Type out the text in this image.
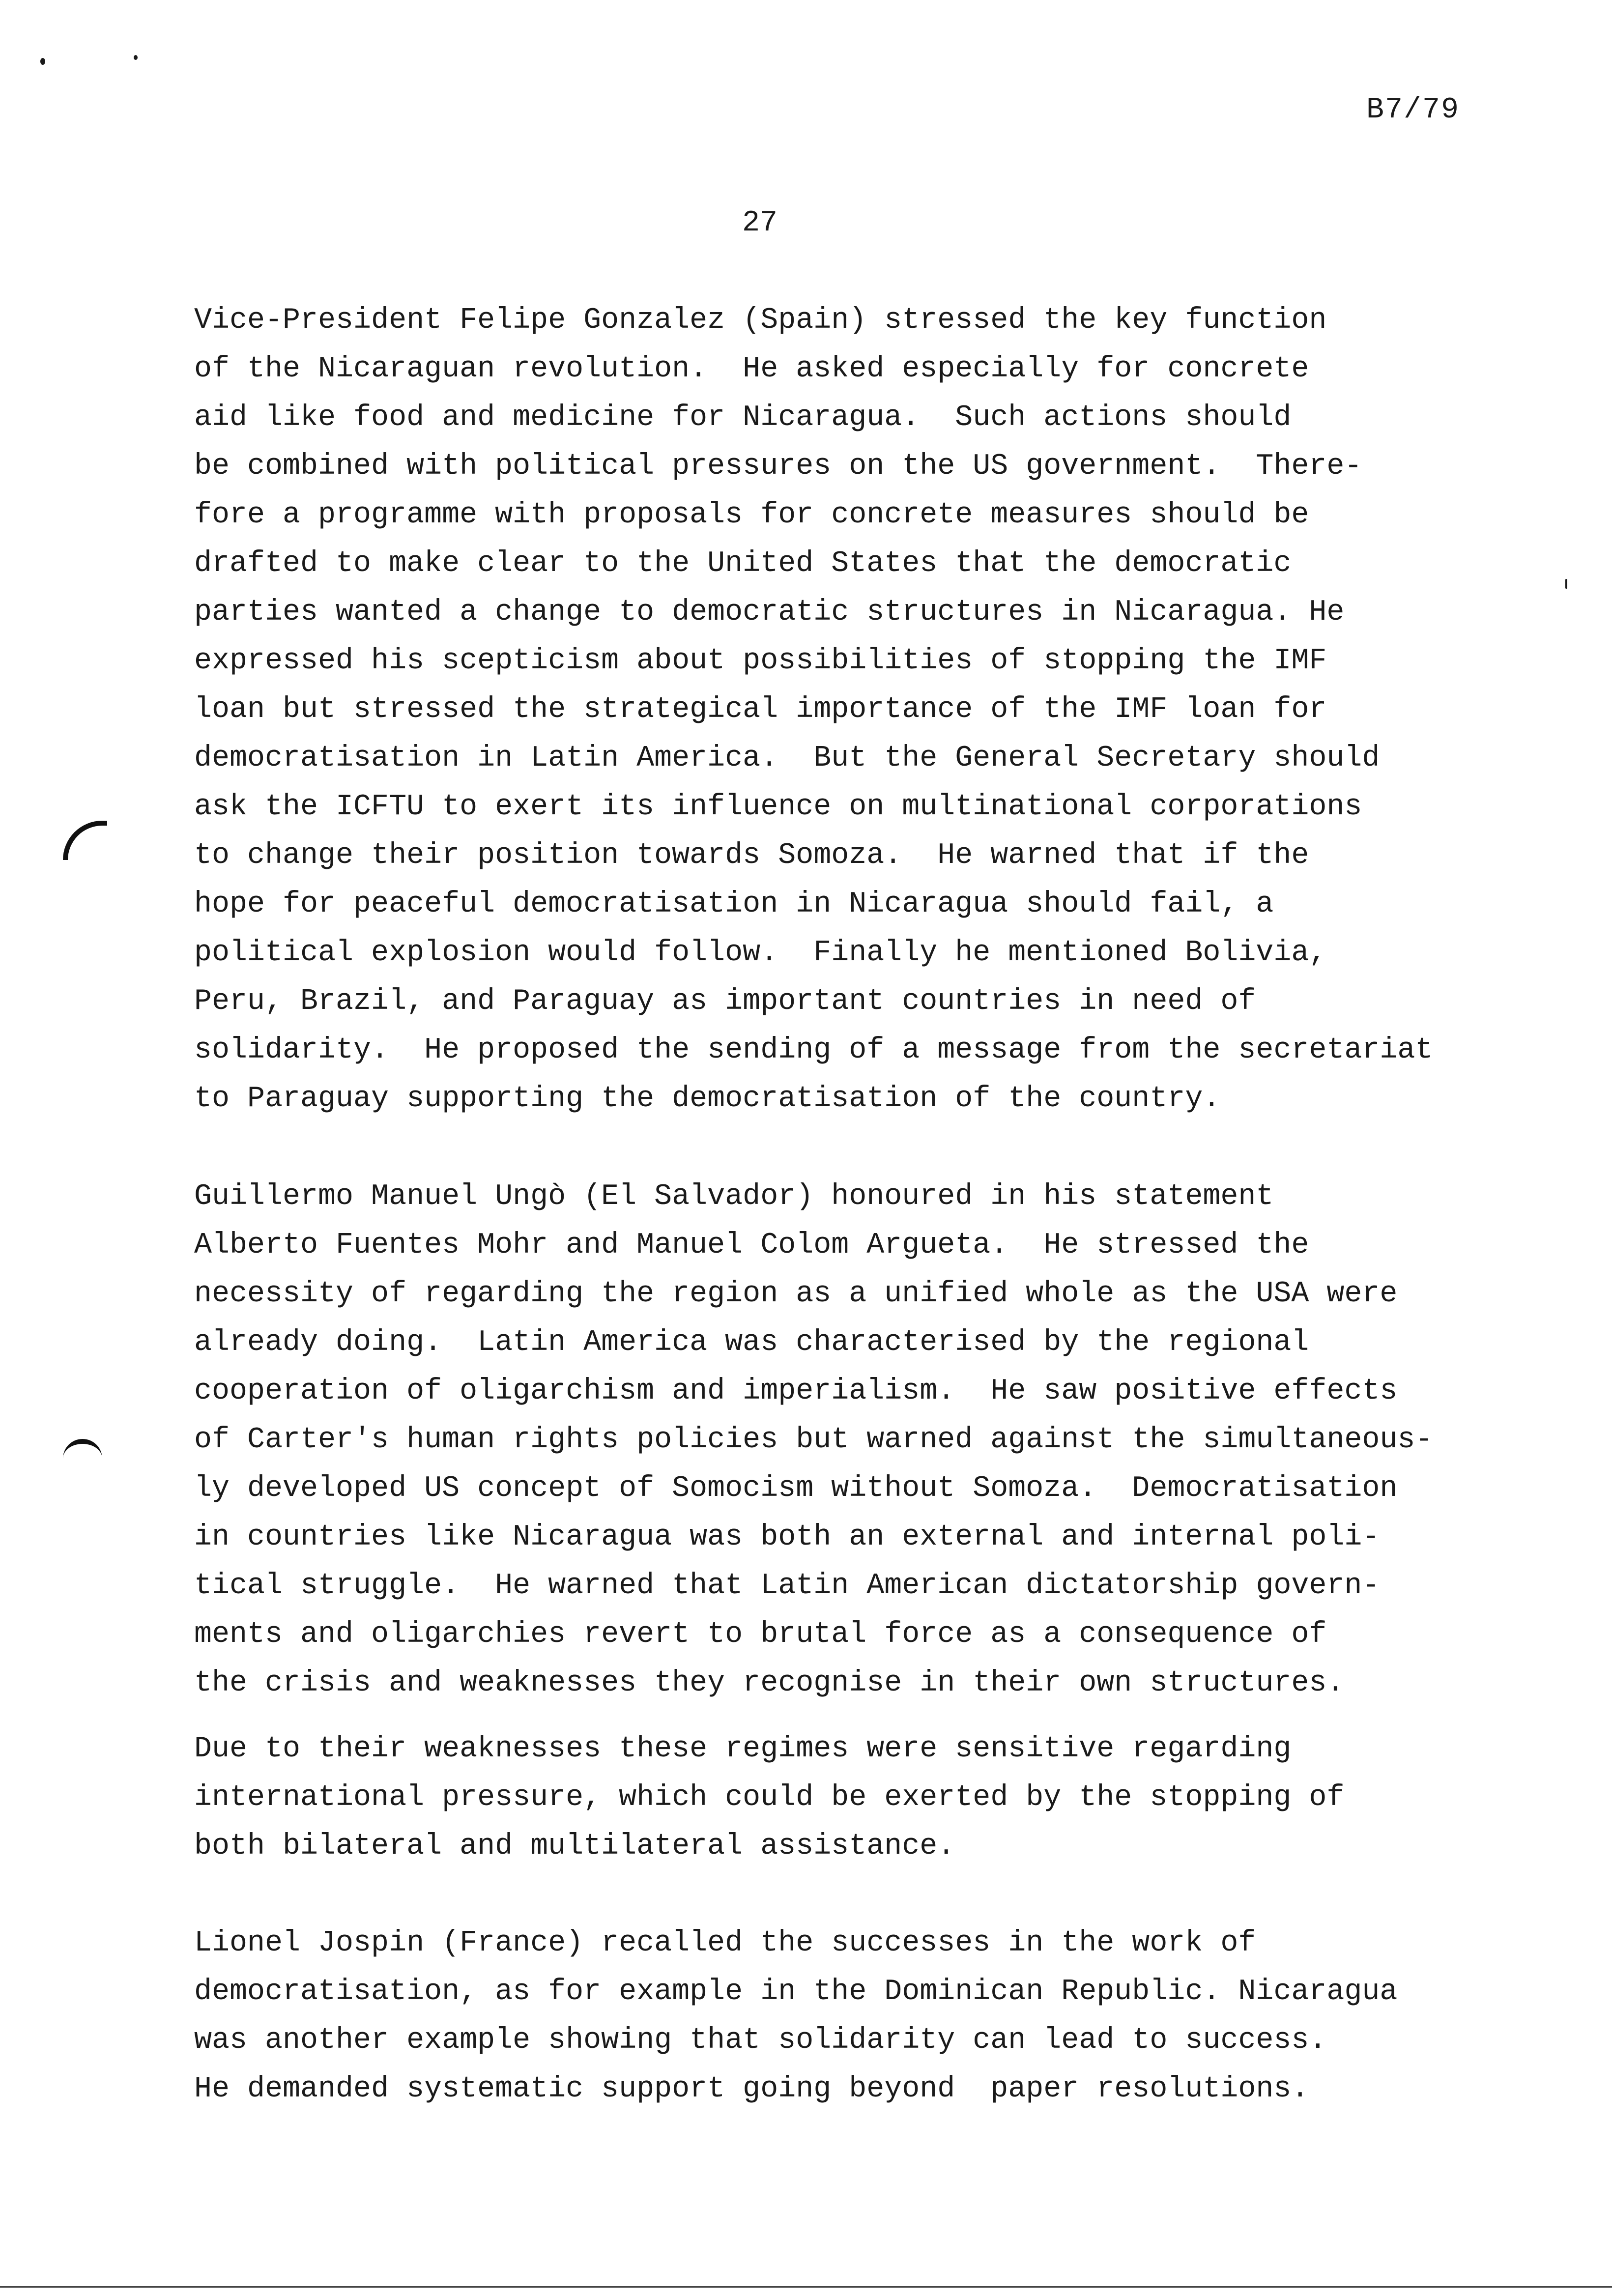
B7/79
27
Vice-President Felipe Gonzalez (Spain) stressed the key function
of the Nicaraguan revolution.  He asked especially for concrete
aid like food and medicine for Nicaragua.  Such actions should
be combined with political pressures on the US government.  There-
fore a programme with proposals for concrete measures should be
drafted to make clear to the United States that the democratic
parties wanted a change to democratic structures in Nicaragua. He
expressed his scepticism about possibilities of stopping the IMF
loan but stressed the strategical importance of the IMF loan for
democratisation in Latin America.  But the General Secretary should
ask the ICFTU to exert its influence on multinational corporations
to change their position towards Somoza.  He warned that if the
hope for peaceful democratisation in Nicaragua should fail, a
political explosion would follow.  Finally he mentioned Bolivia,
Peru, Brazil, and Paraguay as important countries in need of
solidarity.  He proposed the sending of a message from the secretariat
to Paraguay supporting the democratisation of the country.
Guillermo Manuel Ungò (El Salvador) honoured in his statement
Alberto Fuentes Mohr and Manuel Colom Argueta.  He stressed the
necessity of regarding the region as a unified whole as the USA were
already doing.  Latin America was characterised by the regional
cooperation of oligarchism and imperialism.  He saw positive effects
of Carter's human rights policies but warned against the simultaneous-
ly developed US concept of Somocism without Somoza.  Democratisation
in countries like Nicaragua was both an external and internal poli-
tical struggle.  He warned that Latin American dictatorship govern-
ments and oligarchies revert to brutal force as a consequence of
the crisis and weaknesses they recognise in their own structures.
Due to their weaknesses these regimes were sensitive regarding
international pressure, which could be exerted by the stopping of
both bilateral and multilateral assistance.
Lionel Jospin (France) recalled the successes in the work of
democratisation, as for example in the Dominican Republic. Nicaragua
was another example showing that solidarity can lead to success.
He demanded systematic support going beyond  paper resolutions.
